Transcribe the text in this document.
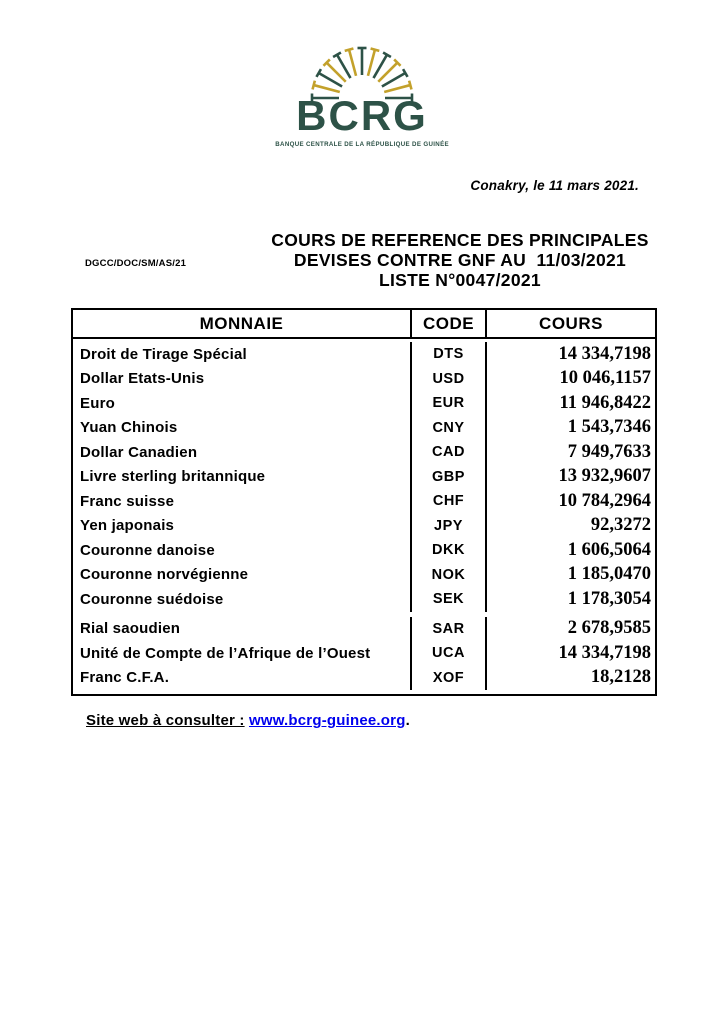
BCRG
BANQUE CENTRALE DE LA RÉPUBLIQUE DE GUINÉE
Conakry, le 11 mars 2021.
DGCC/DOC/SM/AS/21
COURS DE REFERENCE DES PRINCIPALES
DEVISES CONTRE GNF AU  11/03/2021
LISTE N°0047/2021
MONNAIE	CODE	COURS
Droit de Tirage Spécial	DTS	14 334,7198
Dollar Etats-Unis	USD	10 046,1157
Euro	EUR	11 946,8422
Yuan Chinois	CNY	1 543,7346
Dollar Canadien	CAD	7 949,7633
Livre sterling britannique	GBP	13 932,9607
Franc suisse	CHF	10 784,2964
Yen japonais	JPY	92,3272
Couronne danoise	DKK	1 606,5064
Couronne norvégienne	NOK	1 185,0470
Couronne suédoise	SEK	1 178,3054
Rial saoudien	SAR	2 678,9585
Unité de Compte de l’Afrique de l’Ouest	UCA	14 334,7198
Franc C.F.A.	XOF	18,2128
Site web à consulter : www.bcrg-guinee.org.
